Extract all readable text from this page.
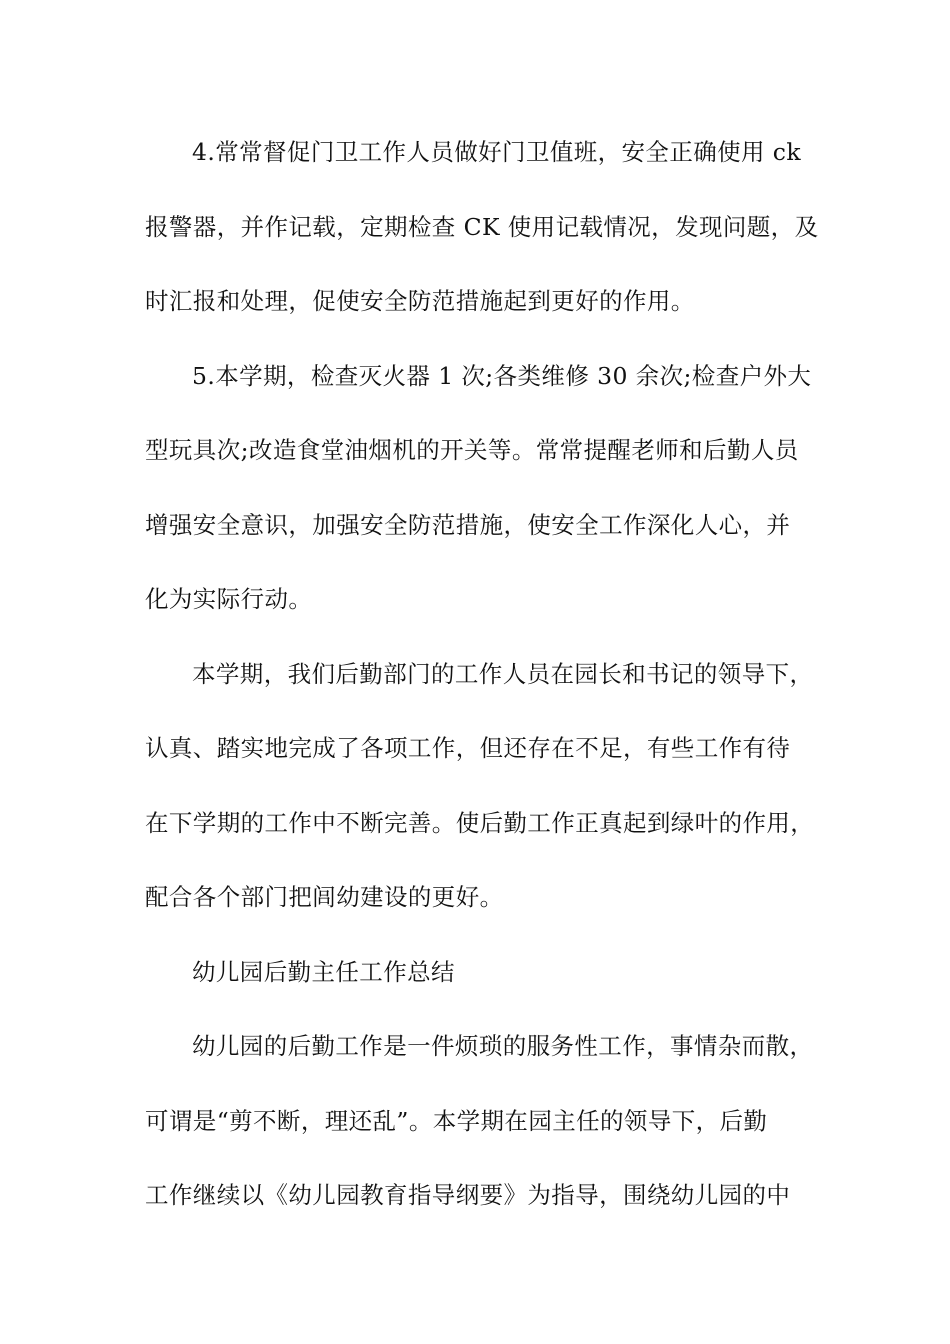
4.常常督促门卫工作人员做好门卫值班，安全正确使用 ck
报警器，并作记载，定期检查 CK 使用记载情况，发现问题，及
时汇报和处理，促使安全防范措施起到更好的作用。
5.本学期，检查灭火器 1 次;各类维修 30 余次;检查户外大
型玩具次;改造食堂油烟机的开关等。常常提醒老师和后勤人员
增强安全意识，加强安全防范措施，使安全工作深化人心，并
化为实际行动。
本学期，我们后勤部门的工作人员在园长和书记的领导下，
认真、踏实地完成了各项工作，但还存在不足，有些工作有待
在下学期的工作中不断完善。使后勤工作正真起到绿叶的作用，
配合各个部门把闾幼建设的更好。
幼儿园后勤主任工作总结
幼儿园的后勤工作是一件烦琐的服务性工作，事情杂而散，
可谓是“剪不断，理还乱”。本学期在园主任的领导下，后勤
工作继续以《幼儿园教育指导纲要》为指导，围绕幼儿园的中
